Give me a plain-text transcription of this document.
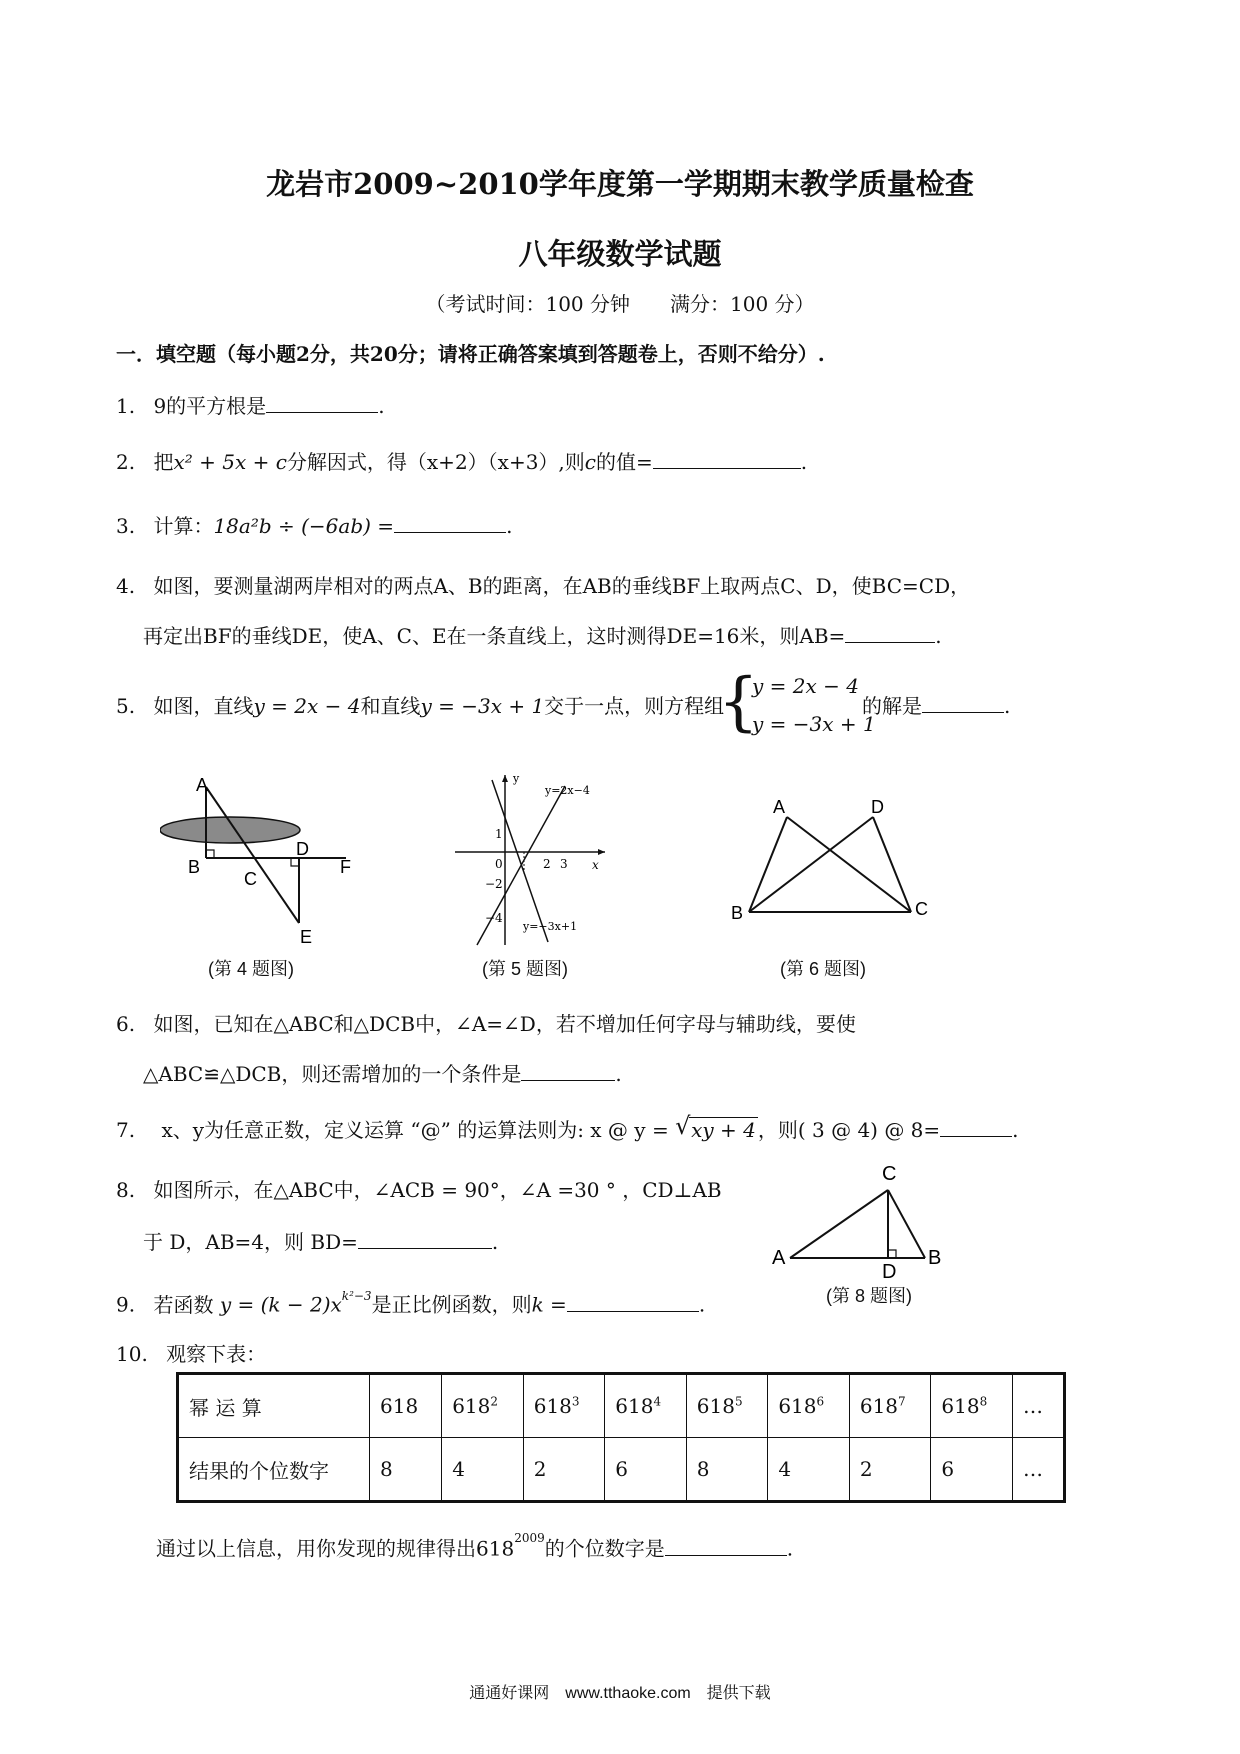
龙岩市2009~2010学年度第一学期期末教学质量检查
八年级数学试题
（考试时间：100 分钟　　满分：100 分）
一．填空题（每小题2分，共20分；请将正确答案填到答题卷上，否则不给分）.
1. 9的平方根是	.
2. 把x² + 5x + c分解因式，得（x+2）（x+3）,则c的值=	.
3. 计算：18a²b ÷ (−6ab) =	.
4. 如图，要测量湖两岸相对的两点A、B的距离，在AB的垂线BF上取两点C、D，使BC=CD，
再定出BF的垂线DE，使A、C、E在一条直线上，这时测得DE=16米，则AB=	.
5. 如图，直线y = 2x − 4和直线y = −3x + 1交于一点，则方程组
{
y = 2x − 4
y = −3x + 1
的解是	.
A
B
C
D
E
F
(第 4 题图)
y
x
0
1
−2
−4
2 3
y=2x−4
y=−3x+1
(第 5 题图)
A	D
B	C
(第 6 题图)
6. 如图，已知在△ABC和△DCB中，∠A=∠D，若不增加任何字母与辅助线，要使
△ABC≌△DCB，则还需增加的一个条件是	.
7. x、y为任意正数，定义运算 “@” 的运算法则为: x @ y = √ xy + 4 ，则( 3 @ 4) @ 8=	.
8. 如图所示，在△ABC中，∠ACB = 90°，∠A =30 ° ，CD⊥AB
于 D，AB=4，则 BD=	.
C
A	B
D
(第 8 题图)
9. 若函数 $y = (k - 2)x^{k^2-3}$是正比例函数，则k =	.
10. 观察下表：
幂 运 算	618	$618^2$	$618^3$	$618^4$	$618^5$	$618^6$	$618^7$	$618^8$	…
结果的个位数字	8	4	2	6	8	4	2	6	…
通过以上信息，用你发现的规律得出$618^{2009}$的个位数字是	.
通通好课网　www.tthaoke.com　提供下载
